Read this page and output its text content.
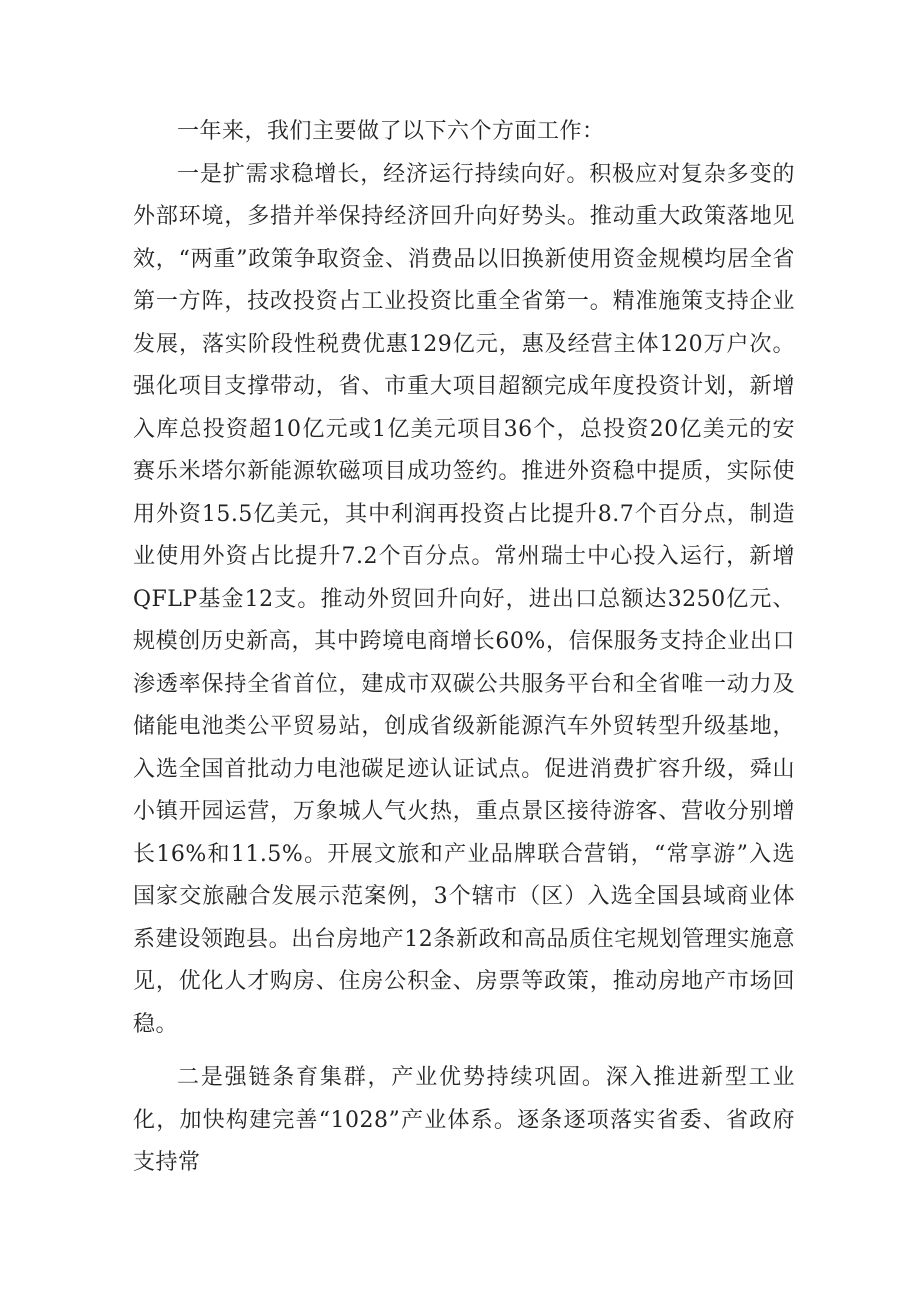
一年来，我们主要做了以下六个方面工作：

一是扩需求稳增长，经济运行持续向好。积极应对复杂多变的外部环境，多措并举保持经济回升向好势头。推动重大政策落地见效，“两重”政策争取资金、消费品以旧换新使用资金规模均居全省第一方阵，技改投资占工业投资比重全省第一。精准施策支持企业发展，落实阶段性税费优惠129亿元，惠及经营主体120万户次。强化项目支撑带动，省、市重大项目超额完成年度投资计划，新增入库总投资超10亿元或1亿美元项目36个，总投资20亿美元的安赛乐米塔尔新能源软磁项目成功签约。推进外资稳中提质，实际使用外资15.5亿美元，其中利润再投资占比提升8.7个百分点，制造业使用外资占比提升7.2个百分点。常州瑞士中心投入运行，新增QFLP基金12支。推动外贸回升向好，进出口总额达3250亿元、规模创历史新高，其中跨境电商增长60%，信保服务支持企业出口渗透率保持全省首位，建成市双碳公共服务平台和全省唯一动力及储能电池类公平贸易站，创成省级新能源汽车外贸转型升级基地，入选全国首批动力电池碳足迹认证试点。促进消费扩容升级，舜山小镇开园运营，万象城人气火热，重点景区接待游客、营收分别增长16%和11.5%。开展文旅和产业品牌联合营销，“常享游”入选国家交旅融合发展示范案例，3个辖市（区）入选全国县域商业体系建设领跑县。出台房地产12条新政和高品质住宅规划管理实施意见，优化人才购房、住房公积金、房票等政策，推动房地产市场回稳。

二是强链条育集群，产业优势持续巩固。深入推进新型工业化，加快构建完善“1028”产业体系。逐条逐项落实省委、省政府支持常
